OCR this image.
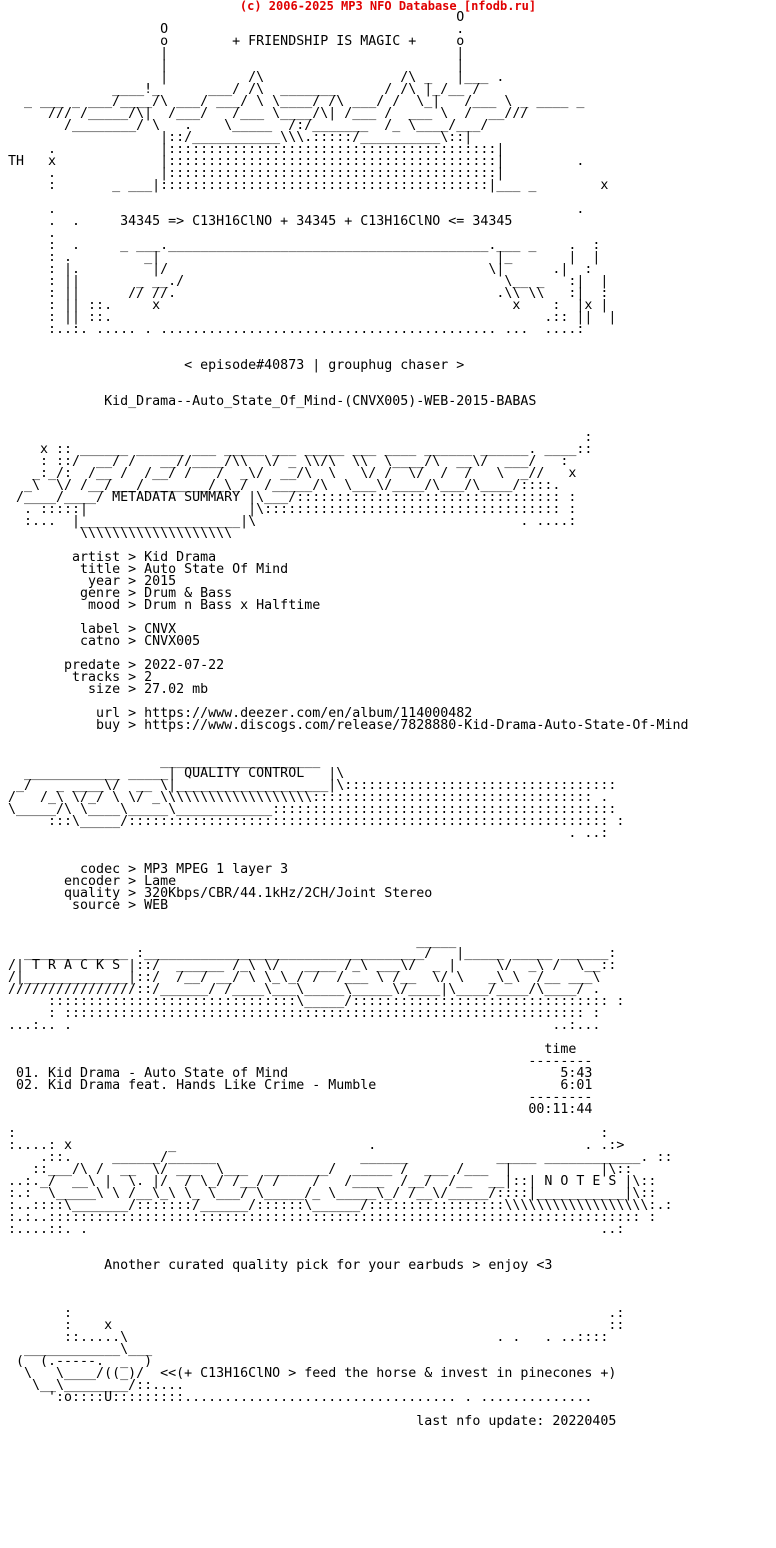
(c) 2006-2025 MP3 NFO Database [nfodb.ru]
O
O                                    .
o        + FRIENDSHIP IS MAGIC +     o
|                                    |
|                                    |
|          /\                 /\ _   |___ .
____!_      ___/ /\  _______      / /\ |_/__ /
_ ___ _ ___/____/\ ___/ ___/ \ \____/ /\ ___/ /  \_|   /___ \ _ ____ _
/// /_____/\|  /___/   /___ \____/\| /___ /  ___ \  /  __///
/________/ \   .    \_____  /:/_______  /_ \____/___/
|::/___________\\\.:::::/__________\::|
.             |:::::::::::::::::::::::::::::::::::::::::|
TH   x             |:::::::::::::::::::::::::::::::::::::::::|         .
.             |:::::::::::::::::::::::::::::::::::::::::|
:       _ ___|:::::::::::::::::::::::::::::::::::::::::|___ _        x
.                                                                 .
.  .     34345 => C13H16ClNO + 34345 + C13H16ClNO <= 34345
.
:  .     _ ___.________________________________________.___ _    .  :
: .         _|                                          |_       |  |
: |.         |/                                        \|      .|  :
: ||       _ __./                                        \__ _   :|  |
: ||      // //.                                        .\\ \\   :|  :
: || ::.     x                                            x    :  |x |
: || ::.                                                      .:: ||  |
:..:. ..... . .......................................... ...  ....:
< episode#40873 | grouphug chaser >
Kid_Drama--Auto_State_Of_Mind-(CNVX005)-WEB-2015-BABAS
:
x :: ______ ______ ___ _____ ___ _____ ___ ____ ______ ______. ____::
: ::/  __/ /   __//____/\\  \/ _ \\/\  \\  \____/\  __\/  ___/   :
_:_/:  /__ /  /__/ /   /  _\/  __/\  \   \/ /  \/  /  /   \  _//   x
_\  \/ /__/___/________/_\_/  /_____/\  \___\/____/\___/\____/::::.
/____/____/ METADATA SUMMARY |\___/::::::::::::::::::::::::::::::::: :
. :::::|                    |\::::::::::::::::::::::::::::::::::::: :
:...  |____________________|\                                 . ....:
\\\\\\\\\\\\\\\\\\\
artist > Kid Drama
title > Auto State Of Mind
year > 2015
genre > Drum & Bass
mood > Drum n Bass x Halftime
label > CNVX
catno > CNVX005
predate > 2022-07-22
tracks > 2
size > 27.02 mb
url > https://www.deezer.com/en/album/114000482
buy > https://www.discogs.com/release/7828880-Kid-Drama-Auto-State-Of-Mind
____________________
____________ _____| QUALITY CONTROL   |\
_/   _ ____\/  __ \|___________________|\::::::::::::::::::::::::::::::::::
/   /_\ \/_/ \ \/ _\\\\\\\\\\\\\\\\\\\::::::::::::::::::::::::::::::::::: .
\_____/\ \____\_____\____________:::::::::::::::::::::::::::::::::::::::::::
:::\_____/:::::::::::::::::::::::::::::::::::::::::::::::::::::::::::: :
. ..:
codec > MP3 MPEG 1 layer 3
encoder > Lame
quality > 320Kbps/CBR/44.1kHz/2CH/Joint Stereo
source > WEB
_____
_____________ :___________________________________/   |_____ _____ ______:
/| T R A C K S |::/  ______ /_\ \/   ____ /_\ ___\/  _ |     \/  _\ /  \__::
/|_____________|::/  /__/ __/ \ \_\_/ /  /___ \ /__  \/ \   _\_\  /__ ___\
////////////////::/______/ /____\___\_____\_____\/____|\____/____/\____/ .
:::::::::::::::::::::::::::::::\_____/:::::::::::::::::::::::::::::::: :
: ::::::::::::::::::::::::::::::::::::::::::::::::::::::::::::::::: :
...:.. .                                                            ..:...
time
--------
01. Kid Drama - Auto State of Mind                                  5:43
02. Kid Drama feat. Hands Like Crime - Mumble                       6:01
--------
00:11:44
:                                                                         :
:....: x            _                        .                          . .:>
.::.     ______/______                  ______           _____ ____________. ::
::___/\ /  __  \/ ___  \___  ________/  _____ /  ___ /___  |           |\::
..:._/  __\ |  \. |/  / \_/ /__/ /    /   /____  /__/  /__  __|::| N O T E S |\::
:.:  \_____\ \ /__\_\ \_ \___/ \_____/_ \_____\_/ /__\/_____/::::|___________|\::
:..::::\_______/:::::::/______/::::::\______/:::::::::::::::::\\\\\\\\\\\\\\\\\\:.:
:.:..:::::::::::::::::::::::::::::::::::::::::::::::::::::::::::::::::::::::::: :
:....::. .                                                                ..:
Another curated quality pick for your earbuds > enjoy <3
:                                                                   .:
:    x                                                              ::
::.....\                                              . .   . ..::::
____________\___
(  (.-----.  _  )
\   \____/((_)/  <<(+ C13H16ClNO > feed the horse & invest in pinecones +)
\__\________/::....
':o::::U:::::::::.................................. . ..............
last nfo update: 20220405
